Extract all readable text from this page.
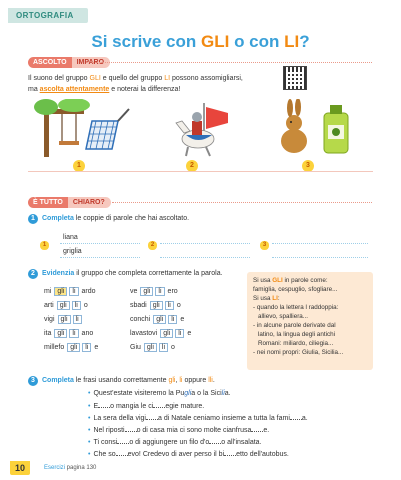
ORTOGRAFIA
Si scrive con GLI o con LI?
ASCOLTO	IMPARO
Il suono del gruppo GLI e quello del gruppo LI possono assomigliarsi,
ma ascolta attentamente e noterai la differenza!
1	2	3
È TUTTO	CHIARO?
1	Completa le coppie di parole che hai ascoltato.
1
liana
griglia
2	3
2	Evidenzia il gruppo che completa correttamente la parola.
mi gli	li ardo
arti gli	li o
vigi gli	li
ita gli	li ano
millefo gli	li e
ve gli	li ero
sbadi gli	li o
conchi gli	li e
lavastovi gli	li e
Giu gli	li o
Si usa GLI in parole come:
famiglia, cespuglio, sfogliare...
Si usa LI:
- quando la lettera l raddoppia:
allievo, spalliera...
- in alcune parole derivate dal
latino, la lingua degli antichi
Romani: miliardo, ciliegia...
- nei nomi propri: Giulia, Sicilia...
3	Completa le frasi usando correttamente gli, li oppure lli.
• Quest'estate visiteremo la Puglia o la Sicilia.
• E o mangia le ci egie mature.
• La sera della vigi a di Natale ceniamo insieme a tutta la fami a.
• Nel riposti o di casa mia ci sono molte cianfrusa e.
• Ti consi o di aggiungere un filo d'o o all'insalata.
• Che so evo! Credevo di aver perso il bi etto dell'autobus.
10	Esercizi pagina 130
